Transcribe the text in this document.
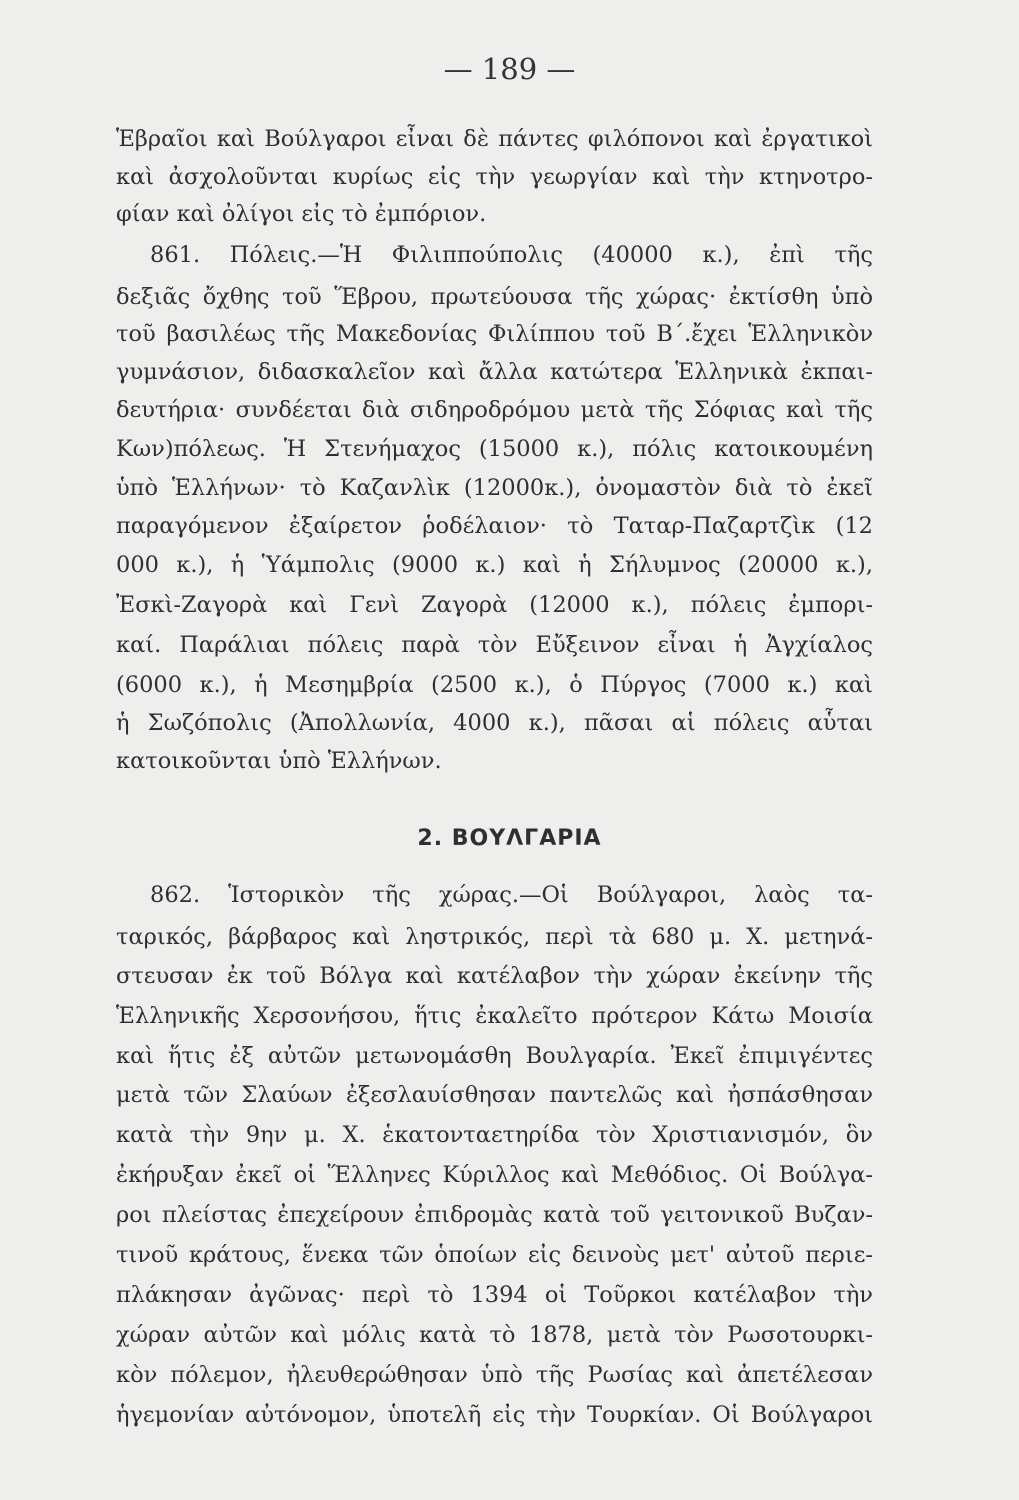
— 189 —
Ἑβραῖοι καὶ Βούλγαροι εἶναι δὲ πάντες φιλόπονοι καὶ ἐργατικοὶ
καὶ ἀσχολοῦνται κυρίως εἰς τὴν γεωργίαν καὶ τὴν κτηνοτρο-
φίαν καὶ ὀλίγοι εἰς τὸ ἐμπόριον.
861. Πόλεις.—Ἡ Φιλιππούπολις (40000 κ.), ἐπὶ τῆς
δεξιᾶς ὄχθης τοῦ Ἕβρου, πρωτεύουσα τῆς χώρας· ἐκτίσθη ὑπὸ
τοῦ βασιλέως τῆς Μακεδονίας Φιλίππου τοῦ Β΄.ἔχει Ἑλληνικὸν
γυμνάσιον, διδασκαλεῖον καὶ ἄλλα κατώτερα Ἑλληνικὰ ἐκπαι-
δευτήρια· συνδέεται διὰ σιδηροδρόμου μετὰ τῆς Σόφιας καὶ τῆς
Κων)πόλεως. Ἡ Στενήμαχος (15000 κ.), πόλις κατοικουμένη
ὑπὸ Ἑλλήνων· τὸ Καζανλὶκ (12000κ.), ὀνομαστὸν διὰ τὸ ἐκεῖ
παραγόμενον ἐξαίρετον ῥοδέλαιον· τὸ Ταταρ-Παζαρτζὶκ (12
000 κ.), ἡ Ὑάμπολις (9000 κ.) καὶ ἡ Σήλυμνος (20000 κ.),
Ἐσκὶ-Ζαγορὰ καὶ Γενὶ Ζαγορὰ (12000 κ.), πόλεις ἐμπορι-
καί. Παράλιαι πόλεις παρὰ τὸν Εὔξεινον εἶναι ἡ Ἀγχίαλος
(6000 κ.), ἡ Μεσημβρία (2500 κ.), ὁ Πύργος (7000 κ.) καὶ
ἡ Σωζόπολις (Ἀπολλωνία, 4000 κ.), πᾶσαι αἱ πόλεις αὗται
κατοικοῦνται ὑπὸ Ἑλλήνων.
2. ΒΟΥΛΓΑΡΙΑ
862. Ἱστορικὸν τῆς χώρας.—Οἱ Βούλγαροι, λαὸς τα-
ταρικός, βάρβαρος καὶ ληστρικός, περὶ τὰ 680 μ. Χ. μετηνά-
στευσαν ἐκ τοῦ Βόλγα καὶ κατέλαβον τὴν χώραν ἐκείνην τῆς
Ἑλληνικῆς Χερσονήσου, ἥτις ἐκαλεῖτο πρότερον Κάτω Μοισία
καὶ ἥτις ἐξ αὐτῶν μετωνομάσθη Βουλγαρία. Ἐκεῖ ἐπιμιγέντες
μετὰ τῶν Σλαύων ἐξεσλαυίσθησαν παντελῶς καὶ ἠσπάσθησαν
κατὰ τὴν 9ην μ. Χ. ἑκατονταετηρίδα τὸν Χριστιανισμόν, ὃν
ἐκήρυξαν ἐκεῖ οἱ Ἕλληνες Κύριλλος καὶ Μεθόδιος. Οἱ Βούλγα-
ροι πλείστας ἐπεχείρουν ἐπιδρομὰς κατὰ τοῦ γειτονικοῦ Βυζαν-
τινοῦ κράτους, ἕνεκα τῶν ὁποίων εἰς δεινοὺς μετ' αὐτοῦ περιε-
πλάκησαν ἀγῶνας· περὶ τὸ 1394 οἱ Τοῦρκοι κατέλαβον τὴν
χώραν αὐτῶν καὶ μόλις κατὰ τὸ 1878, μετὰ τὸν Ρωσοτουρκι-
κὸν πόλεμον, ἠλευθερώθησαν ὑπὸ τῆς Ρωσίας καὶ ἀπετέλεσαν
ἡγεμονίαν αὐτόνομον, ὑποτελῆ εἰς τὴν Τουρκίαν. Οἱ Βούλγαροι
